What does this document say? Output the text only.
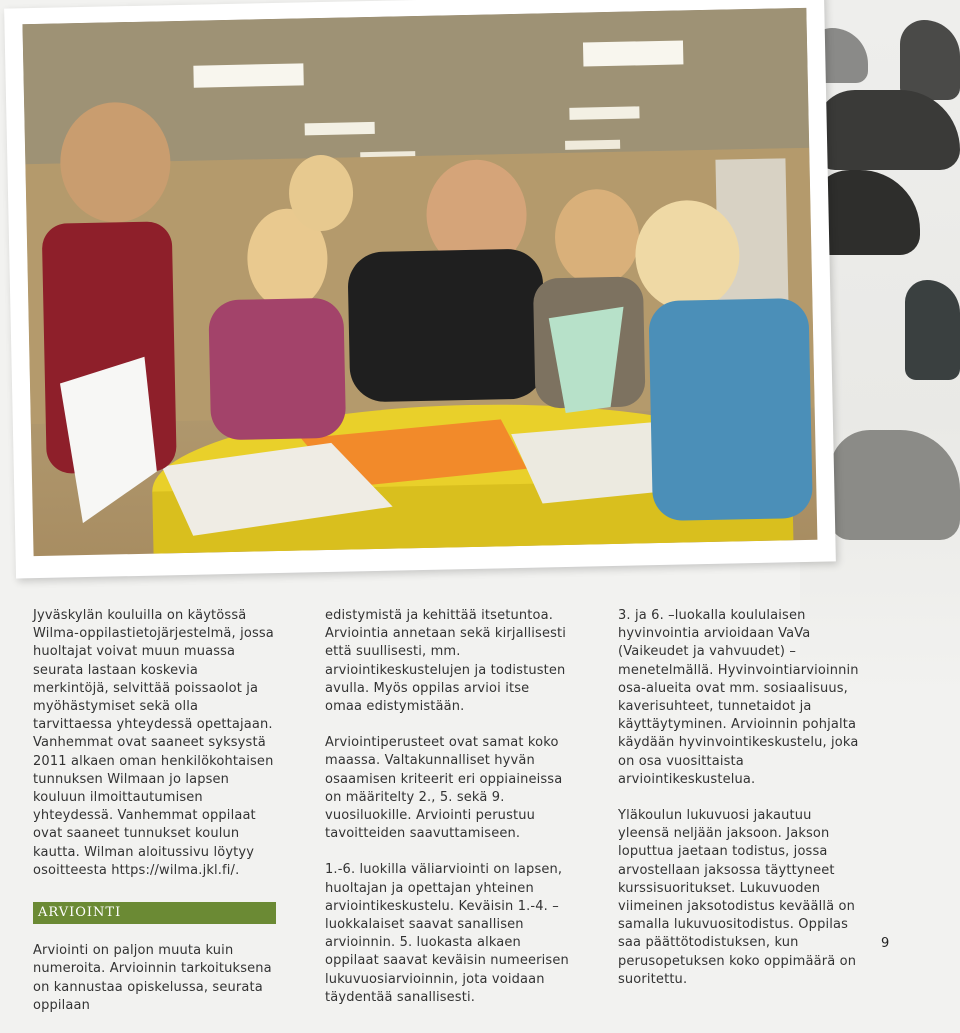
Jyväskylän kouluilla on käytössä Wilma-oppilastietojärjestelmä, jossa huoltajat voivat muun muassa seurata lastaan koskevia merkintöjä, selvittää poissaolot ja myöhästymiset sekä olla tarvittaessa yhteydessä opettajaan. Vanhemmat ovat saaneet syksystä 2011 alkaen oman henkilökohtaisen tunnuksen Wilmaan jo lapsen kouluun ilmoittautumisen yhteydessä. Vanhemmat oppilaat ovat saaneet tunnukset koulun kautta. Wilman aloitussivu löytyy osoitteesta https://wilma.jkl.fi/.

ARVIOINTI

Arviointi on paljon muuta kuin numeroita. Arvioinnin tarkoituksena on kannustaa opiskelussa, seurata oppilaan

edistymistä ja kehittää itsetuntoa. Arviointia annetaan sekä kirjallisesti että suullisesti, mm. arviointikeskustelujen ja todistusten avulla. Myös oppilas arvioi itse omaa edistymistään.

Arviointiperusteet ovat samat koko maassa. Valtakunnalliset hyvän osaamisen kriteerit eri oppiaineissa on määritelty 2., 5. sekä 9. vuosiluokille. Arviointi perustuu tavoitteiden saavuttamiseen.

1.-6. luokilla väliarviointi on lapsen, huoltajan ja opettajan yhteinen arviointikeskustelu. Keväisin 1.-4. –luokkalaiset saavat sanallisen arvioinnin. 5. luokasta alkaen oppilaat saavat keväisin numeerisen lukuvuosiarvioinnin, jota voidaan täydentää sanallisesti.

3. ja 6. –luokalla koululaisen hyvinvointia arvioidaan VaVa (Vaikeudet ja vahvuudet) –menetelmällä. Hyvinvointiarvioinnin osa-alueita ovat mm. sosiaalisuus, kaverisuhteet, tunnetaidot ja käyttäytyminen. Arvioinnin pohjalta käydään hyvinvointikeskustelu, joka on osa vuosittaista arviointikeskustelua.

Yläkoulun lukuvuosi jakautuu yleensä neljään jaksoon. Jakson loputtua jaetaan todistus, jossa arvostellaan jaksossa täyttyneet kurssisuoritukset. Lukuvuoden viimeinen jaksotodistus keväällä on samalla lukuvuositodistus. Oppilas saa päättötodistuksen, kun perusopetuksen koko oppimäärä on suoritettu.

9
